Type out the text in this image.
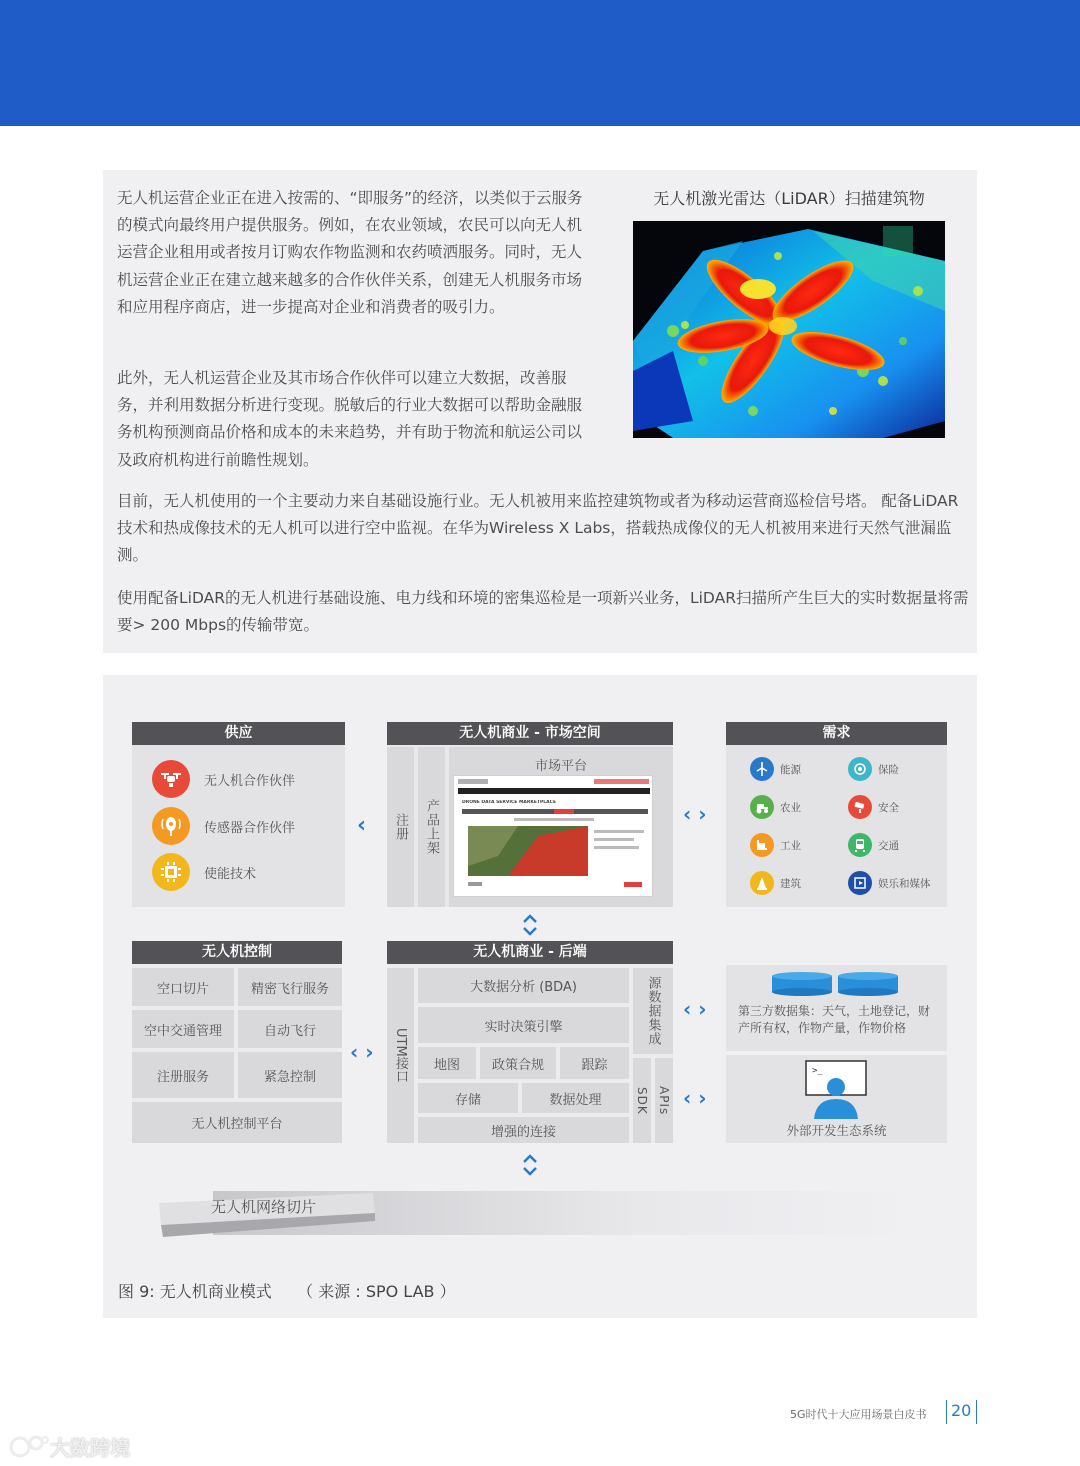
无人机运营企业正在进入按需的、“即服务”的经济，以类似于云服务的模式向最终用户提供服务。例如，在农业领域，农民可以向无人机运营企业租用或者按月订购农作物监测和农药喷洒服务。同时，无人机运营企业正在建立越来越多的合作伙伴关系，创建无人机服务市场和应用程序商店，进一步提高对企业和消费者的吸引力。
此外，无人机运营企业及其市场合作伙伴可以建立大数据，改善服务，并利用数据分析进行变现。脱敏后的行业大数据可以帮助金融服务机构预测商品价格和成本的未来趋势，并有助于物流和航运公司以及政府机构进行前瞻性规划。
目前，无人机使用的一个主要动力来自基础设施行业。无人机被用来监控建筑物或者为移动运营商巡检信号塔。 配备LiDAR技术和热成像技术的无人机可以进行空中监视。在华为Wireless X Labs，搭载热成像仪的无人机被用来进行天然气泄漏监测。
使用配备LiDAR的无人机进行基础设施、电力线和环境的密集巡检是一项新兴业务，LiDAR扫描所产生巨大的实时数据量将需要> 200 Mbps的传输带宽。
无人机激光雷达（LiDAR）扫描建筑物
供应
无人机合作伙伴
传感器合作伙伴
使能技术
‹
无人机商业 - 市场空间
注册 产品上架
市场平台
DRONE DATA SERVICE MARKETPLACE	‹ ›
需求
能源	保险
农业	安全
工业	交通
建筑	娱乐和媒体
无人机控制
空口切片	精密飞行服务
空中交通管理	自动飞行
注册服务	紧急控制
无人机控制平台
‹ ›
无人机商业 - 后端
UTM接口
大数据分析 (BDA)
实时决策引擎
地图	政策合规	跟踪
存储	数据处理
增强的连接
源数据集成
SDK APIs
‹ ›
‹ ›
第三方数据集：天气，土地登记，财产所有权，作物产量，作物价格
>_
外部开发生态系统
无人机网络切片
图 9: 无人机商业模式     （ 来源 : SPO LAB ）
5G时代十大应用场景白皮书 20
大数跨境
